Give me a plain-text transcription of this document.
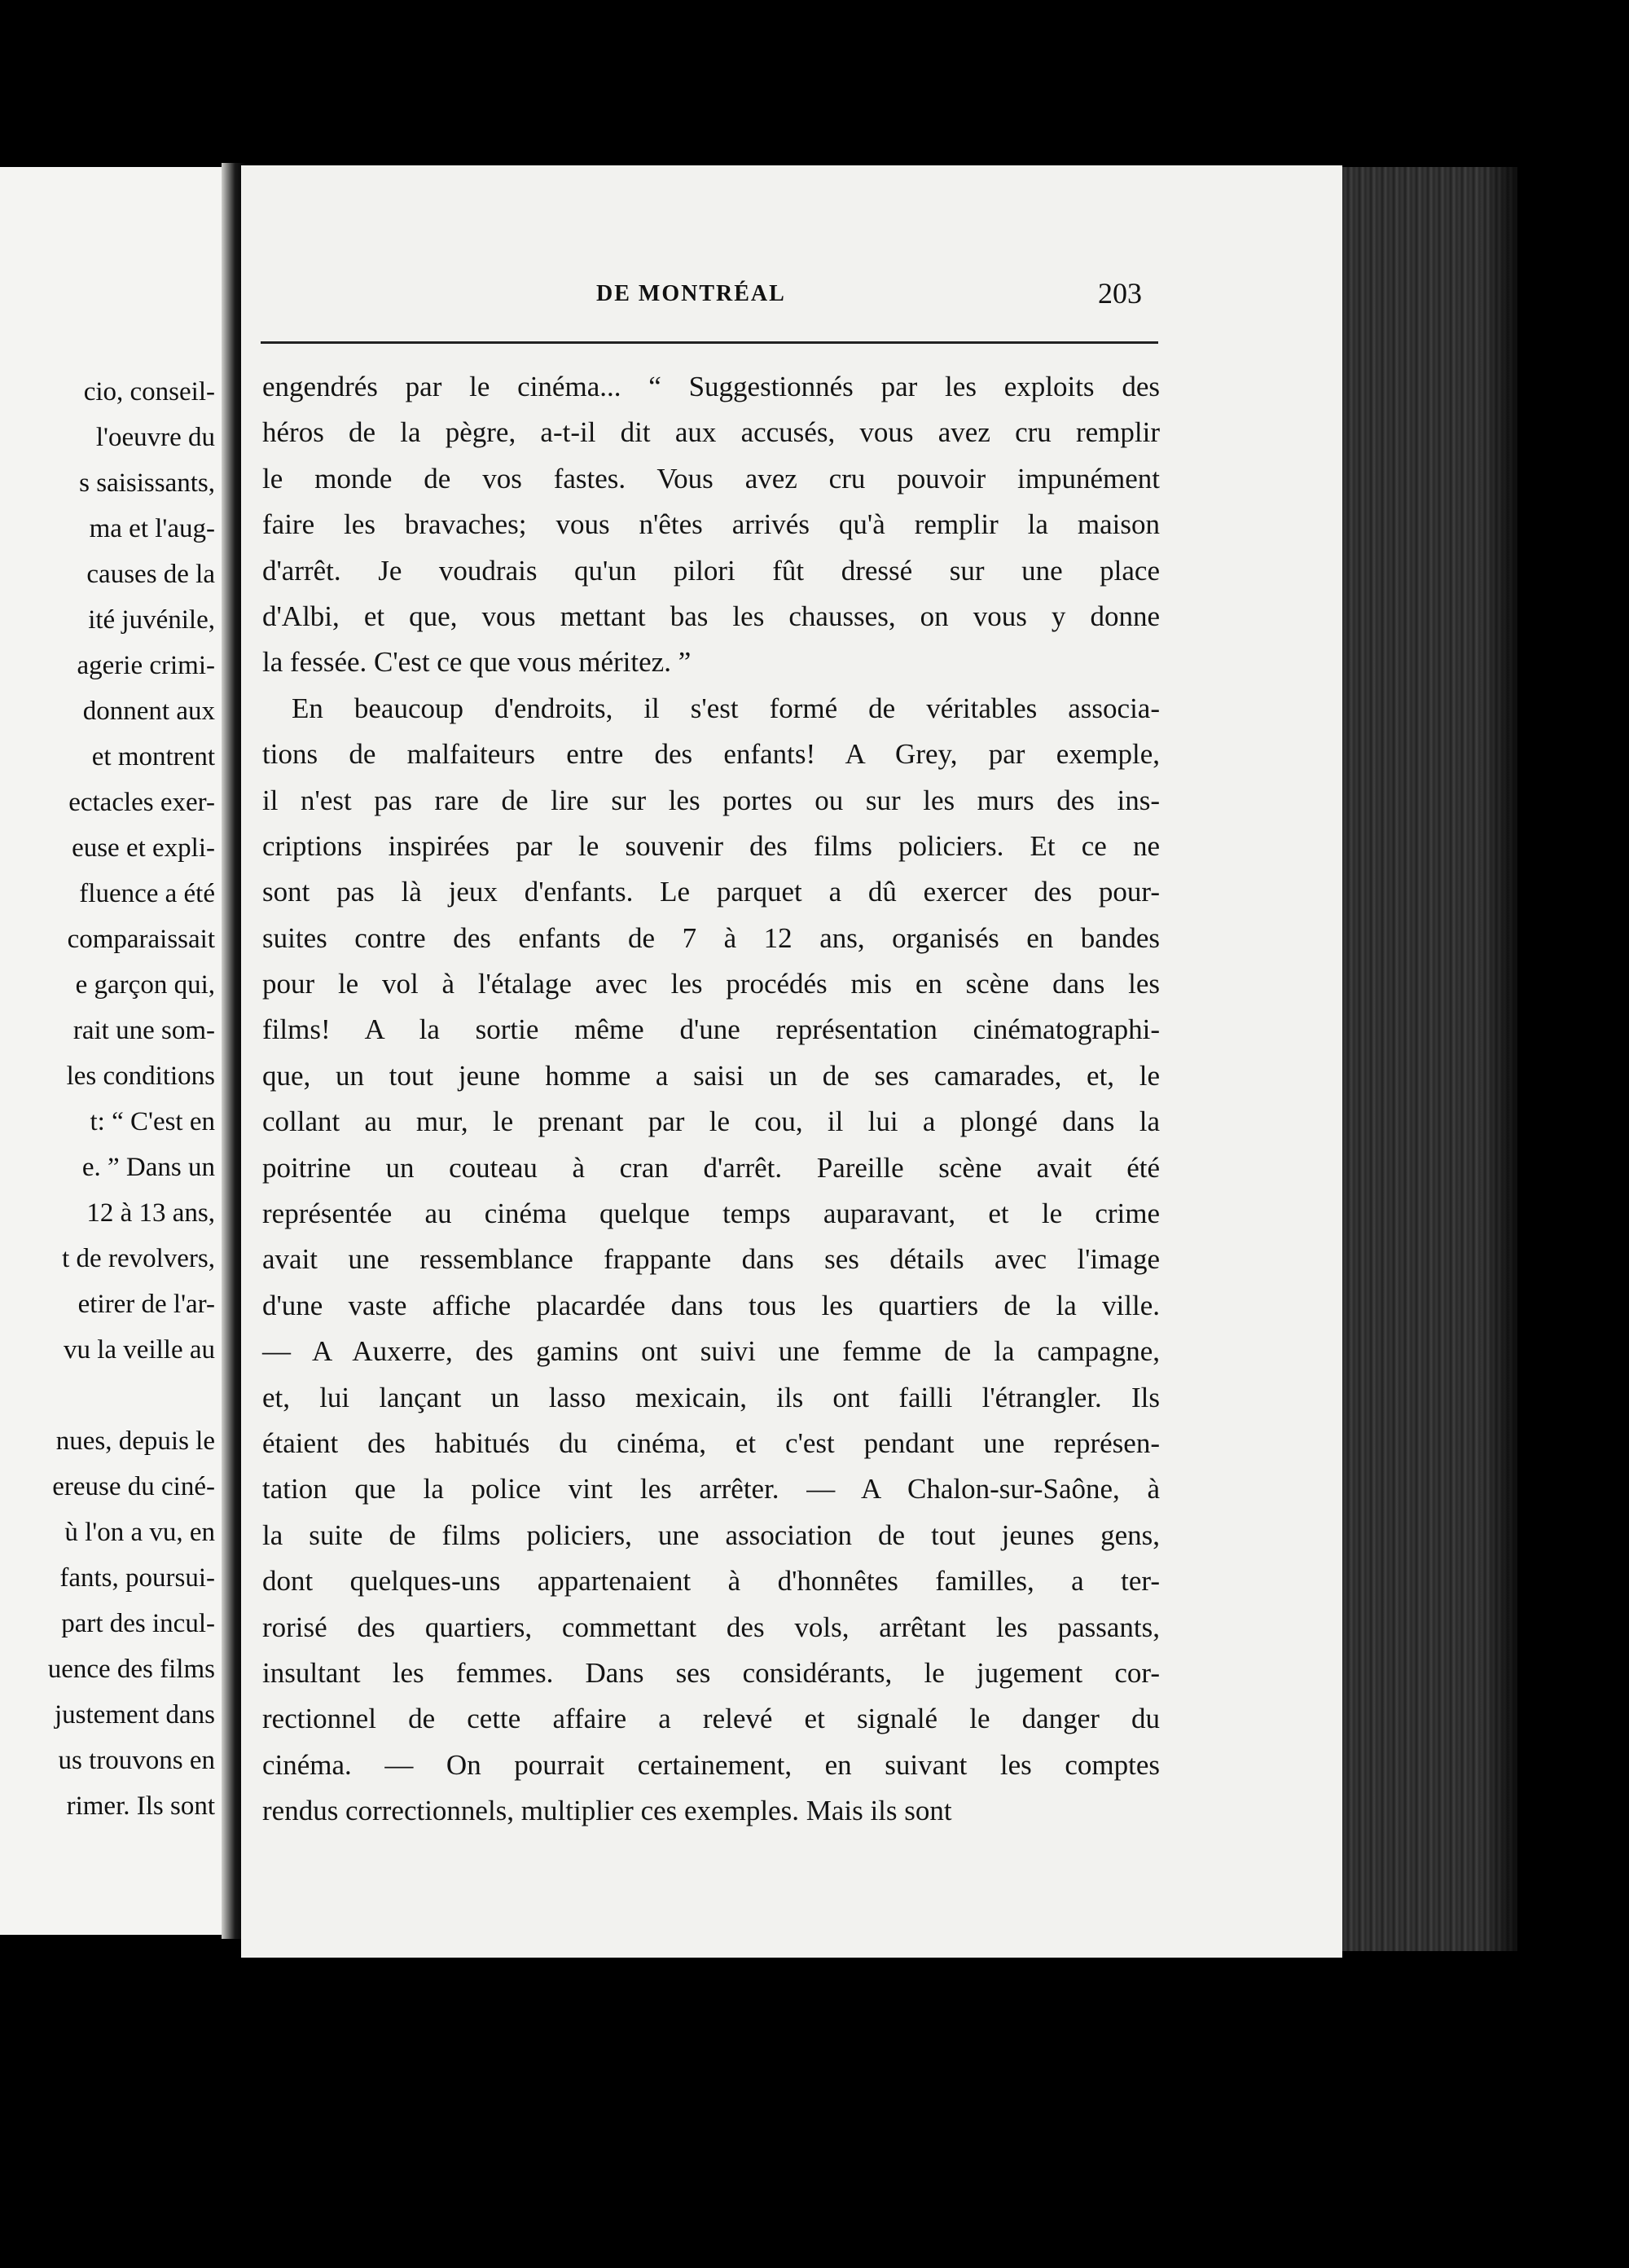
cio, conseil-
l'oeuvre du
s saisissants,
ma et l'aug-
causes de la
ité juvénile,
agerie crimi-
donnent aux
et montrent
ectacles exer-
euse et expli-
fluence a été
comparaissait
e garçon qui,
rait une som-
les conditions
t: “ C'est en
e. ” Dans un
12 à 13 ans,
t de revolvers,
etirer de l'ar-
vu la veille au
nues, depuis le
ereuse du ciné-
ù l'on a vu, en
fants, poursui-
part des incul-
uence des films
justement dans
us trouvons en
rimer. Ils sont
DE MONTRÉAL	203
engendrés par le cinéma... “ Suggestionnés par les exploits des
héros de la pègre, a-t-il dit aux accusés, vous avez cru remplir
le monde de vos fastes. Vous avez cru pouvoir impunément
faire les bravaches; vous n'êtes arrivés qu'à remplir la maison
d'arrêt. Je voudrais qu'un pilori fût dressé sur une place
d'Albi, et que, vous mettant bas les chausses, on vous y donne
la fessée. C'est ce que vous méritez. ”
En beaucoup d'endroits, il s'est formé de véritables associa-
tions de malfaiteurs entre des enfants! A Grey, par exemple,
il n'est pas rare de lire sur les portes ou sur les murs des ins-
criptions inspirées par le souvenir des films policiers. Et ce ne
sont pas là jeux d'enfants. Le parquet a dû exercer des pour-
suites contre des enfants de 7 à 12 ans, organisés en bandes
pour le vol à l'étalage avec les procédés mis en scène dans les
films! A la sortie même d'une représentation cinématographi-
que, un tout jeune homme a saisi un de ses camarades, et, le
collant au mur, le prenant par le cou, il lui a plongé dans la
poitrine un couteau à cran d'arrêt. Pareille scène avait été
représentée au cinéma quelque temps auparavant, et le crime
avait une ressemblance frappante dans ses détails avec l'image
d'une vaste affiche placardée dans tous les quartiers de la ville.
— A Auxerre, des gamins ont suivi une femme de la campagne,
et, lui lançant un lasso mexicain, ils ont failli l'étrangler. Ils
étaient des habitués du cinéma, et c'est pendant une représen-
tation que la police vint les arrêter. — A Chalon-sur-Saône, à
la suite de films policiers, une association de tout jeunes gens,
dont quelques-uns appartenaient à d'honnêtes familles, a ter-
rorisé des quartiers, commettant des vols, arrêtant les passants,
insultant les femmes. Dans ses considérants, le jugement cor-
rectionnel de cette affaire a relevé et signalé le danger du
cinéma. — On pourrait certainement, en suivant les comptes
rendus correctionnels, multiplier ces exemples. Mais ils sont
